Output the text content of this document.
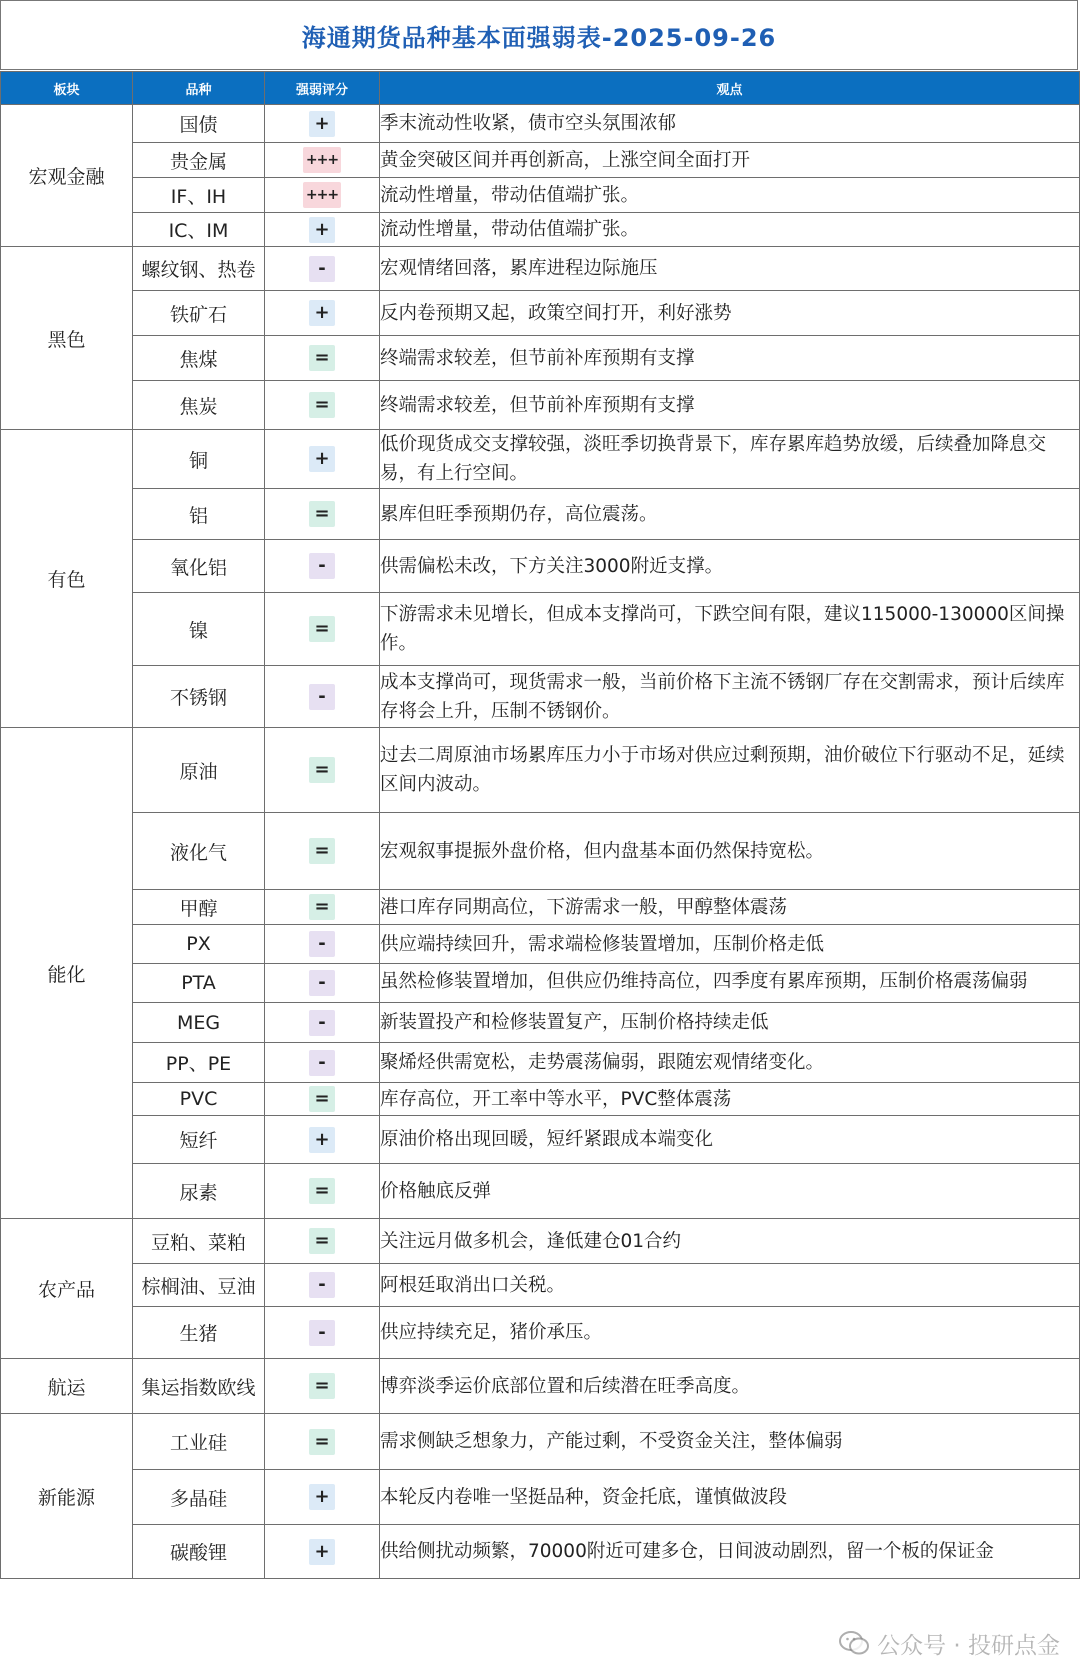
海通期货品种基本面强弱表-2025-09-26
板块	品种	强弱评分	观点
宏观金融	国债	+	季末流动性收紧，债市空头氛围浓郁
	贵金属	+++	黄金突破区间并再创新高，上涨空间全面打开
	IF、IH	+++	流动性增量，带动估值端扩张。
	IC、IM	+	流动性增量，带动估值端扩张。
黑色	螺纹钢、热卷	-	宏观情绪回落，累库进程边际施压
	铁矿石	+	反内卷预期又起，政策空间打开，利好涨势
	焦煤	=	终端需求较差，但节前补库预期有支撑
	焦炭	=	终端需求较差，但节前补库预期有支撑
有色	铜	+	低价现货成交支撑较强，淡旺季切换背景下，库存累库趋势放缓，后续叠加降息交易，有上行空间。
	铝	=	累库但旺季预期仍存，高位震荡。
	氧化铝	-	供需偏松未改，下方关注3000附近支撑。
	镍	=	下游需求未见增长，但成本支撑尚可，下跌空间有限，建议115000-130000区间操作。
	不锈钢	-	成本支撑尚可，现货需求一般，当前价格下主流不锈钢厂存在交割需求，预计后续库存将会上升，压制不锈钢价。
能化	原油	=	过去二周原油市场累库压力小于市场对供应过剩预期，油价破位下行驱动不足，延续区间内波动。
	液化气	=	宏观叙事提振外盘价格，但内盘基本面仍然保持宽松。
	甲醇	=	港口库存同期高位，下游需求一般，甲醇整体震荡
	PX	-	供应端持续回升，需求端检修装置增加，压制价格走低
	PTA	-	虽然检修装置增加，但供应仍维持高位，四季度有累库预期，压制价格震荡偏弱

	MEG	-	新装置投产和检修装置复产，压制价格持续走低
	PP、PE	-	聚烯烃供需宽松，走势震荡偏弱，跟随宏观情绪变化。
	PVC	=	库存高位，开工率中等水平，PVC整体震荡
	短纤	+	原油价格出现回暖，短纤紧跟成本端变化
	尿素	=	价格触底反弹
农产品	豆粕、菜粕	=	关注远月做多机会，逢低建仓01合约
	棕榈油、豆油	-	阿根廷取消出口关税。
	生猪	-	供应持续充足，猪价承压。
航运	集运指数欧线	=	博弈淡季运价底部位置和后续潜在旺季高度。
新能源	工业硅	=	需求侧缺乏想象力，产能过剩，不受资金关注，整体偏弱
	多晶硅	+	本轮反内卷唯一坚挺品种，资金托底，谨慎做波段
	碳酸锂	+	供给侧扰动频繁，70000附近可建多仓，日间波动剧烈，留一个板的保证金
公众号 · 投研点金
